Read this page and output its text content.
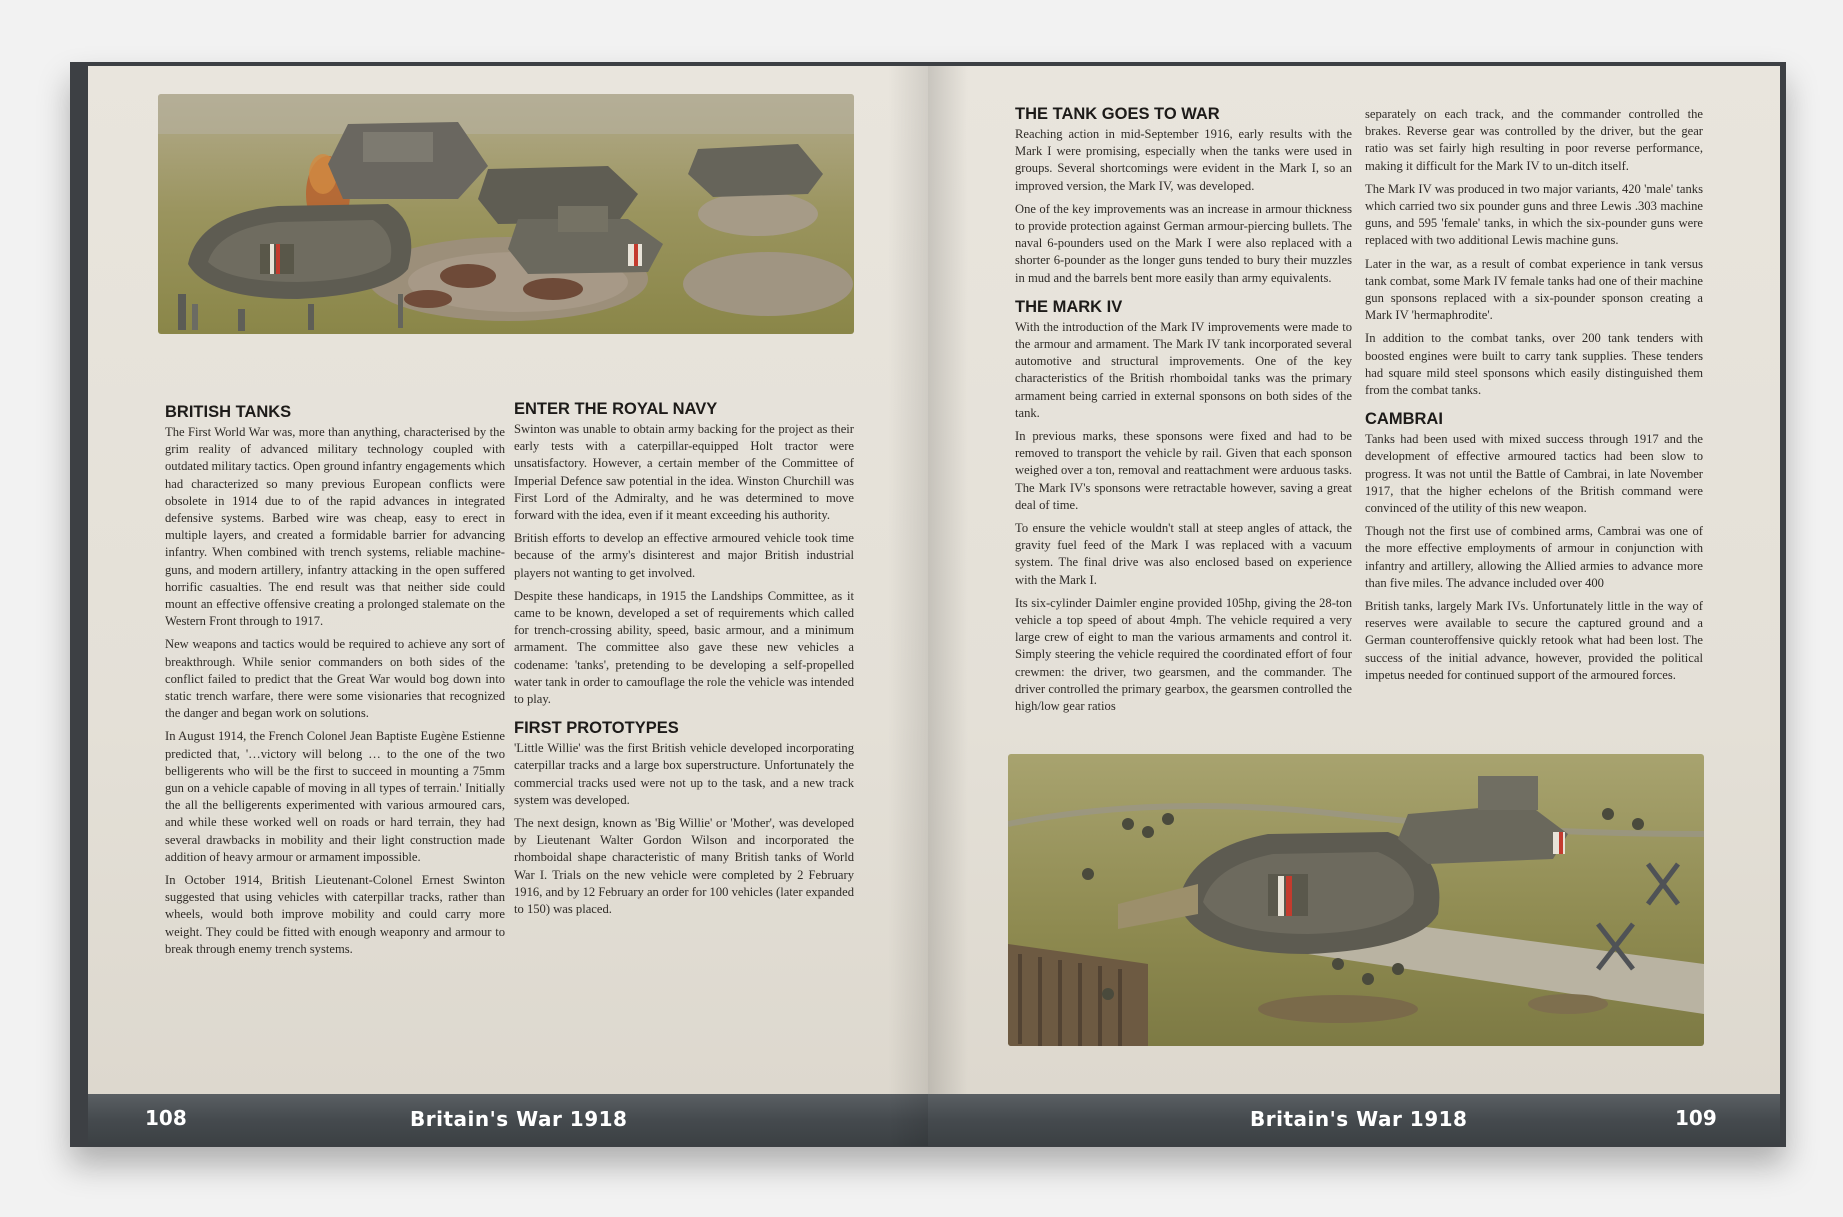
BRITISH TANKS

The First World War was, more than anything, characterised by the grim reality of advanced military technology coupled with outdated military tactics. Open ground infantry engagements which had characterized so many previous European conflicts were obsolete in 1914 due to of the rapid advances in integrated defensive systems. Barbed wire was cheap, easy to erect in multiple layers, and created a formidable barrier for advancing infantry. When combined with trench systems, reliable machine-guns, and modern artillery, infantry attacking in the open suffered horrific casualties. The end result was that neither side could mount an effective offensive creating a prolonged stalemate on the Western Front through to 1917.

New weapons and tactics would be required to achieve any sort of breakthrough. While senior commanders on both sides of the conflict failed to predict that the Great War would bog down into static trench warfare, there were some visionaries that recognized the danger and began work on solutions.

In August 1914, the French Colonel Jean Baptiste Eugène Estienne predicted that, '…victory will belong … to the one of the two belligerents who will be the first to succeed in mounting a 75mm gun on a vehicle capable of moving in all types of terrain.' Initially the all the belligerents experimented with various armoured cars, and while these worked well on roads or hard terrain, they had several drawbacks in mobility and their light construction made addition of heavy armour or armament impossible.

In October 1914, British Lieutenant-Colonel Ernest Swinton suggested that using vehicles with caterpillar tracks, rather than wheels, would both improve mobility and could carry more weight. They could be fitted with enough weaponry and armour to break through enemy trench systems.

ENTER THE ROYAL NAVY

Swinton was unable to obtain army backing for the project as their early tests with a caterpillar-equipped Holt tractor were unsatisfactory. However, a certain member of the Committee of Imperial Defence saw potential in the idea. Winston Churchill was First Lord of the Admiralty, and he was determined to move forward with the idea, even if it meant exceeding his authority.

British efforts to develop an effective armoured vehicle took time because of the army's disinterest and major British industrial players not wanting to get involved.

Despite these handicaps, in 1915 the Landships Committee, as it came to be known, developed a set of requirements which called for trench-crossing ability, speed, basic armour, and a minimum armament. The committee also gave these new vehicles a codename: 'tanks', pretending to be developing a self-propelled water tank in order to camouflage the role the vehicle was intended to play.

FIRST PROTOTYPES

'Little Willie' was the first British vehicle developed incorporating caterpillar tracks and a large box superstructure. Unfortunately the commercial tracks used were not up to the task, and a new track system was developed.

The next design, known as 'Big Willie' or 'Mother', was developed by Lieutenant Walter Gordon Wilson and incorporated the rhomboidal shape characteristic of many British tanks of World War I. Trials on the new vehicle were completed by 2 February 1916, and by 12 February an order for 100 vehicles (later expanded to 150) was placed.

108	Britain's War 1918
THE TANK GOES TO WAR

Reaching action in mid-September 1916, early results with the Mark I were promising, especially when the tanks were used in groups. Several shortcomings were evident in the Mark I, so an improved version, the Mark IV, was developed.

One of the key improvements was an increase in armour thickness to provide protection against German armour-piercing bullets. The naval 6-pounders used on the Mark I were also replaced with a shorter 6-pounder as the longer guns tended to bury their muzzles in mud and the barrels bent more easily than army equivalents.

THE MARK IV

With the introduction of the Mark IV improvements were made to the armour and armament. The Mark IV tank incorporated several automotive and structural improvements. One of the key characteristics of the British rhomboidal tanks was the primary armament being carried in external sponsons on both sides of the tank.

In previous marks, these sponsons were fixed and had to be removed to transport the vehicle by rail. Given that each sponson weighed over a ton, removal and reattachment were arduous tasks. The Mark IV's sponsons were retractable however, saving a great deal of time.

To ensure the vehicle wouldn't stall at steep angles of attack, the gravity fuel feed of the Mark I was replaced with a vacuum system. The final drive was also enclosed based on experience with the Mark I.

Its six-cylinder Daimler engine provided 105hp, giving the 28-ton vehicle a top speed of about 4mph. The vehicle required a very large crew of eight to man the various armaments and control it. Simply steering the vehicle required the coordinated effort of four crewmen: the driver, two gearsmen, and the commander. The driver controlled the primary gearbox, the gearsmen controlled the high/low gear ratios

separately on each track, and the commander controlled the brakes. Reverse gear was controlled by the driver, but the gear ratio was set fairly high resulting in poor reverse performance, making it difficult for the Mark IV to un-ditch itself.

The Mark IV was produced in two major variants, 420 'male' tanks which carried two six pounder guns and three Lewis .303 machine guns, and 595 'female' tanks, in which the six-pounder guns were replaced with two additional Lewis machine guns.

Later in the war, as a result of combat experience in tank versus tank combat, some Mark IV female tanks had one of their machine gun sponsons replaced with a six-pounder sponson creating a Mark IV 'hermaphrodite'.

In addition to the combat tanks, over 200 tank tenders with boosted engines were built to carry tank supplies. These tenders had square mild steel sponsons which easily distinguished them from the combat tanks.

CAMBRAI

Tanks had been used with mixed success through 1917 and the development of effective armoured tactics had been slow to progress. It was not until the Battle of Cambrai, in late November 1917, that the higher echelons of the British command were convinced of the utility of this new weapon.

Though not the first use of combined arms, Cambrai was one of the more effective employments of armour in conjunction with infantry and artillery, allowing the Allied armies to advance more than five miles. The advance included over 400

British tanks, largely Mark IVs. Unfortunately little in the way of reserves were available to secure the captured ground and a German counteroffensive quickly retook what had been lost. The success of the initial advance, however, provided the political impetus needed for continued support of the armoured forces.

Britain's War 1918	109
